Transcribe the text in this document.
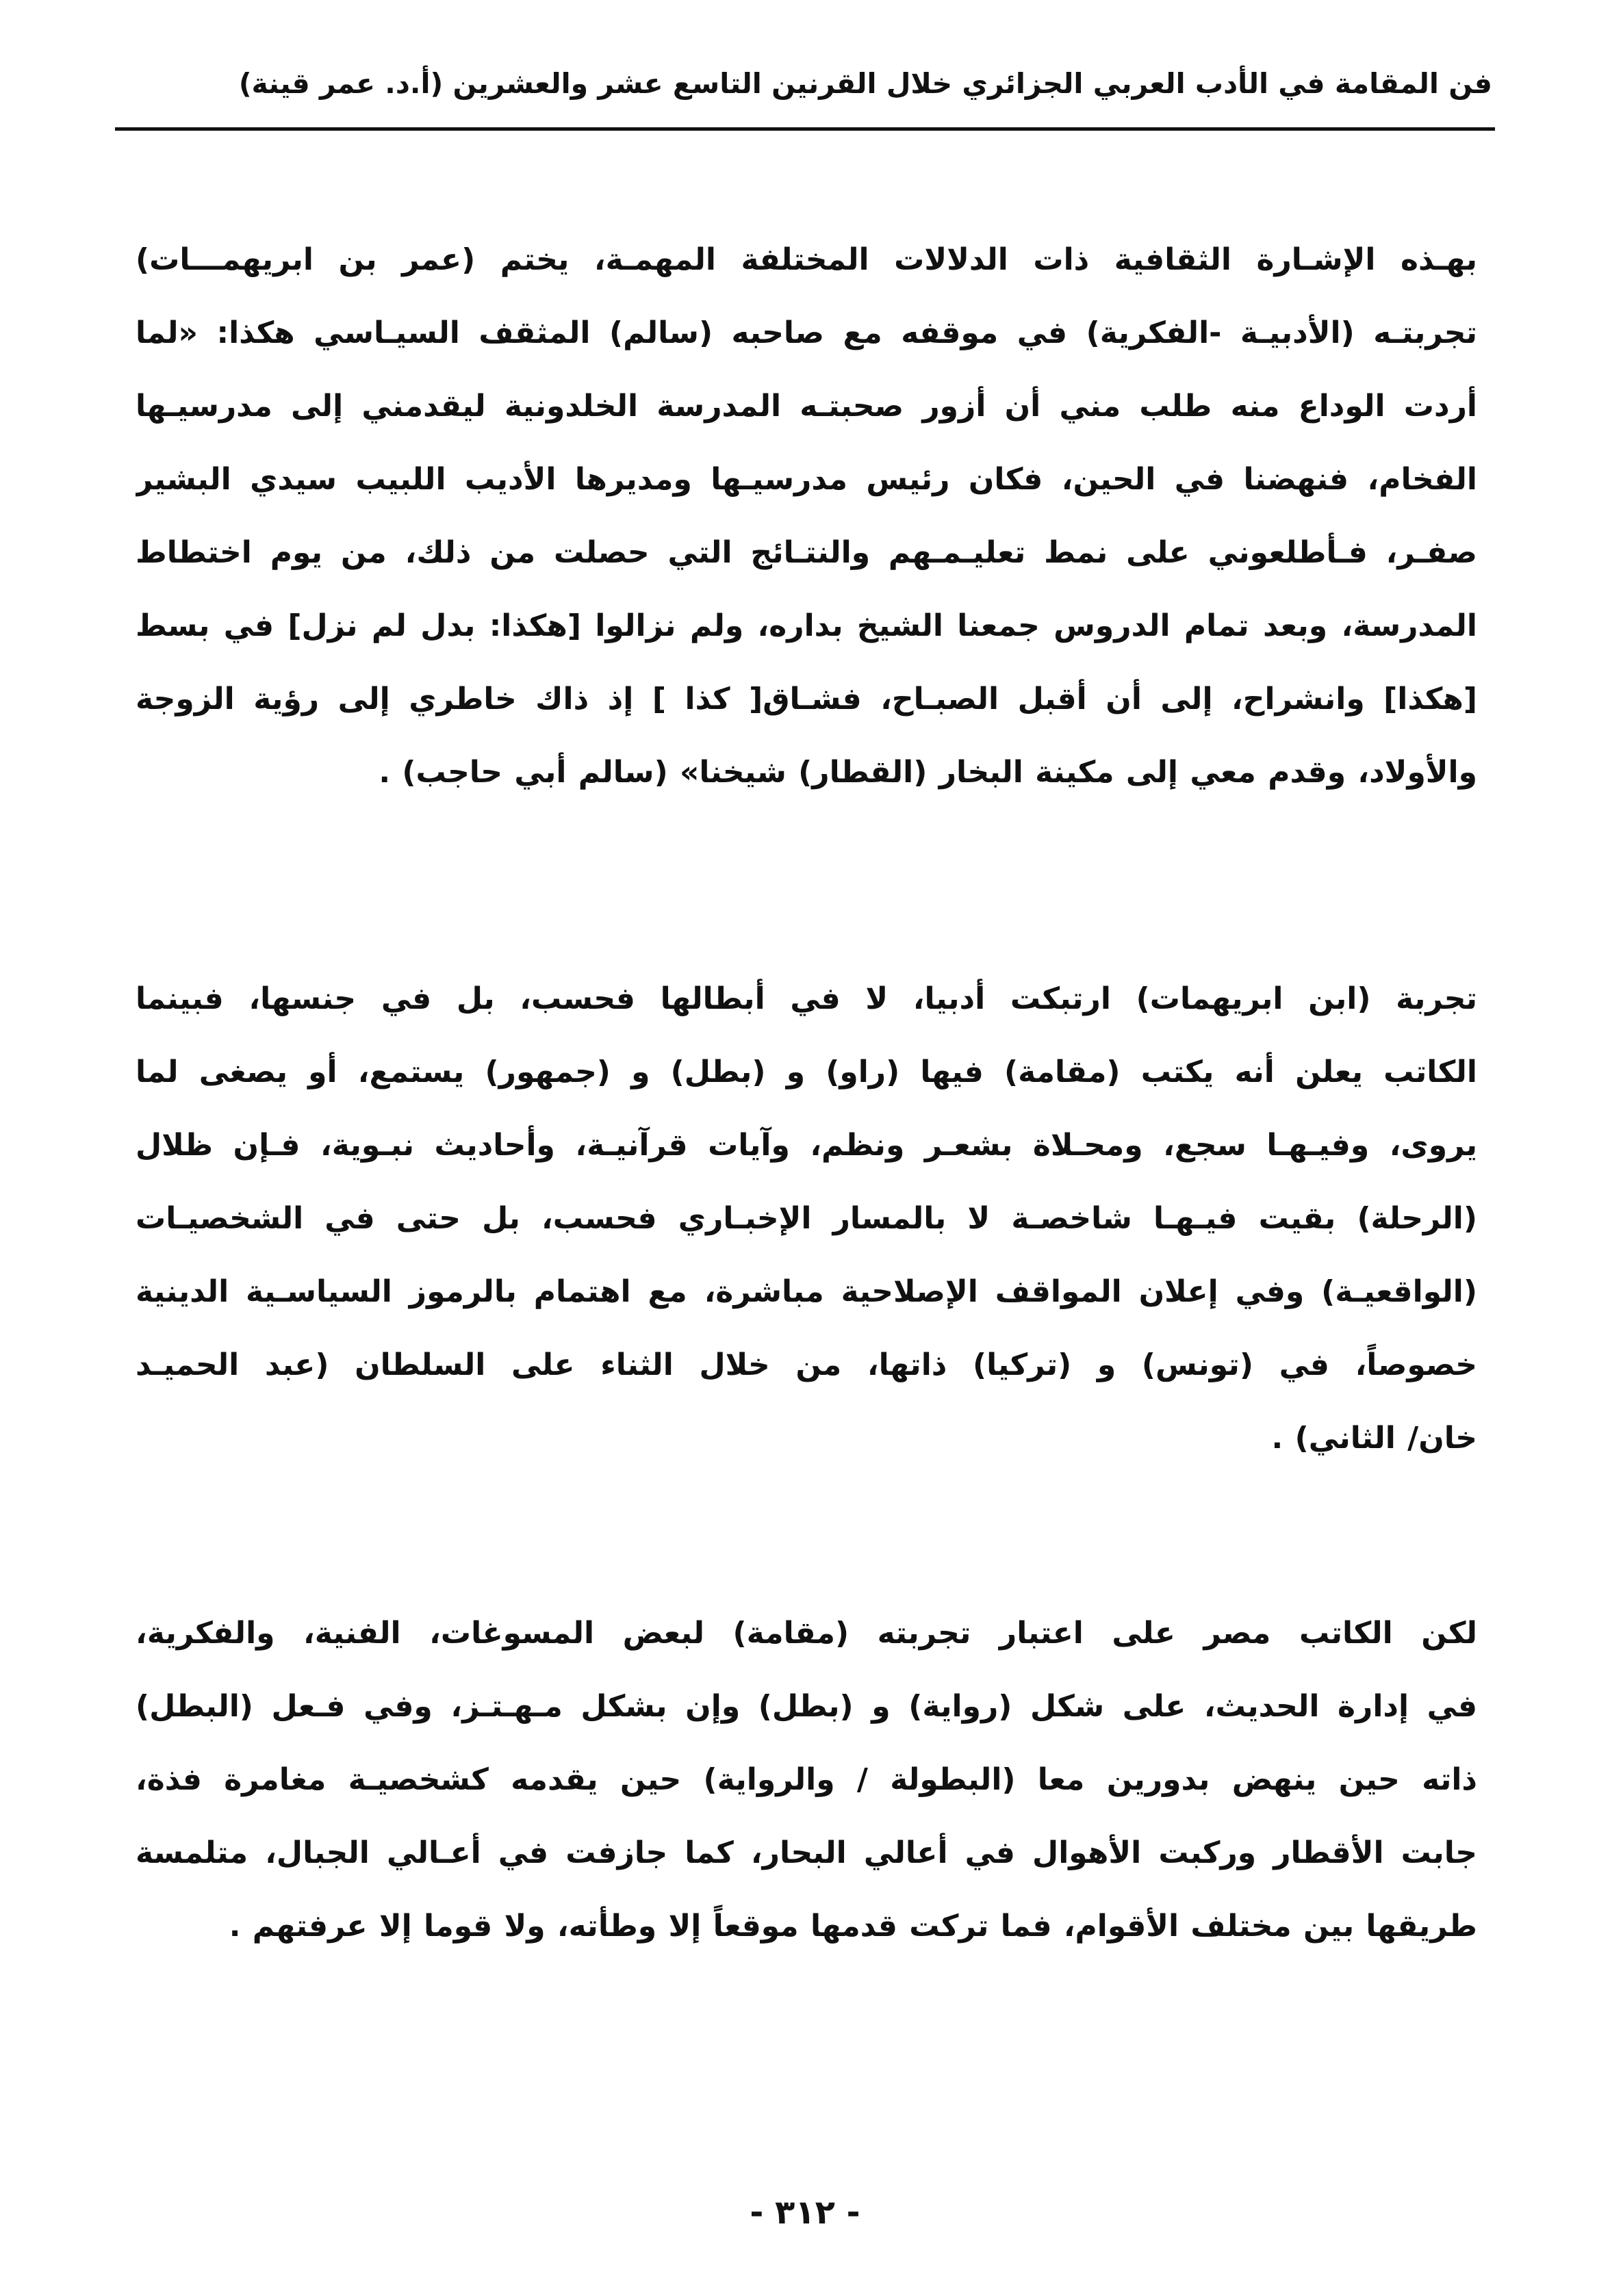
فن المقامة في الأدب العربي الجزائري خلال القرنين التاسع عشر والعشرين (أ.د. عمر قينة)
بهـذه الإشـارة الثقافية ذات الدلالات المختلفة المهمـة، يختم (عمر بن ابريهمـــات)
تجربتـه (الأدبيـة -الفكرية) في موقفه مع صاحبه (سالم) المثقف السيـاسي هكذا: «لما
أردت الوداع منه طلب مني أن أزور صحبتـه المدرسة الخلدونية ليقدمني إلى مدرسيـها
الفخام، فنهضنا في الحين، فكان رئيس مدرسيـها ومديرها الأديب اللبيب سيدي البشير
صفـر، فـأطلعوني على نمط تعليـمـهم والنتـائج التي حصلت من ذلك، من يوم اختطاط
المدرسة، وبعد تمام الدروس جمعنا الشيخ بداره، ولم نزالوا [هكذا: بدل لم نزل] في بسط
[هكذا] وانشراح، إلى أن أقبل الصبـاح، فشـاق[ كذا ] إذ ذاك خاطري إلى رؤية الزوجة
والأولاد، وقدم معي إلى مكينة البخار (القطار) شيخنا» (سالم أبي حاجب) .
تجربة (ابن ابريهمات) ارتبكت أدبيا، لا في أبطالها فحسب، بل في جنسها، فبينما
الكاتب يعلن أنه يكتب (مقامة) فيها (راو) و (بطل) و (جمهور) يستمع، أو يصغى لما
يروى، وفيـهـا سجع، ومحـلاة بشعـر ونظم، وآيات قرآنيـة، وأحاديث نبـوية، فـإن ظلال
(الرحلة) بقيت فيـهـا شاخصـة لا بالمسار الإخبـاري فحسب، بل حتى في الشخصيـات
(الواقعيـة) وفي إعلان المواقف الإصلاحية مباشرة، مع اهتمام بالرموز السياسـية الدينية
خصوصاً، في (تونس) و (تركيا) ذاتها، من خلال الثناء على السلطان (عبد الحميـد
خان/ الثاني) .
لكن الكاتب مصر على اعتبار تجربته (مقامة) لبعض المسوغات، الفنية، والفكرية،
في إدارة الحديث، على شكل (رواية) و (بطل) وإن بشكل مـهـتـز، وفي فـعل (البطل)
ذاته حين ينهض بدورين معا (البطولة / والرواية) حين يقدمه كشخصيـة مغامرة فذة،
جابت الأقطار وركبت الأهوال في أعالي البحار، كما جازفت في أعـالي الجبال، متلمسة
طريقها بين مختلف الأقوام، فما تركت قدمها موقعاً إلا وطأته، ولا قوما إلا عرفتهم .
- ٣١٢ -
